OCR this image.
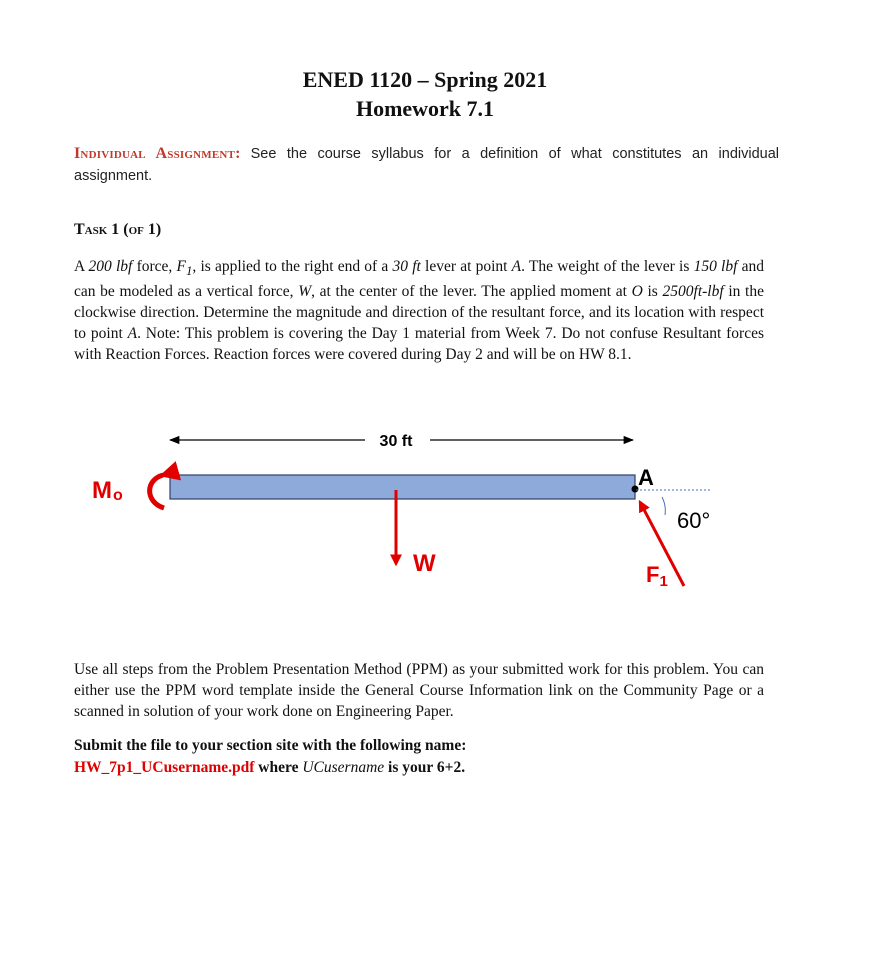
ENED 1120 – Spring 2021
Homework 7.1
Individual Assignment: See the course syllabus for a definition of what constitutes an individual assignment.
Task 1 (of 1)
A 200 lbf force, $F_1$, is applied to the right end of a 30 ft lever at point A. The weight of the lever is 150 lbf and can be modeled as a vertical force, W, at the center of the lever. The applied moment at O is 2500ft-lbf in the clockwise direction. Determine the magnitude and direction of the resultant force, and its location with respect to point A. Note: This problem is covering the Day 1 material from Week 7. Do not confuse Resultant forces with Reaction Forces. Reaction forces were covered during Day 2 and will be on HW 8.1.
30 ft
Mo
W
A
60°
F1
Use all steps from the Problem Presentation Method (PPM) as your submitted work for this problem. You can either use the PPM word template inside the General Course Information link on the Community Page or a scanned in solution of your work done on Engineering Paper.
Submit the file to your section site with the following name:
HW_7p1_UCusername.pdf where UCusername is your 6+2.
